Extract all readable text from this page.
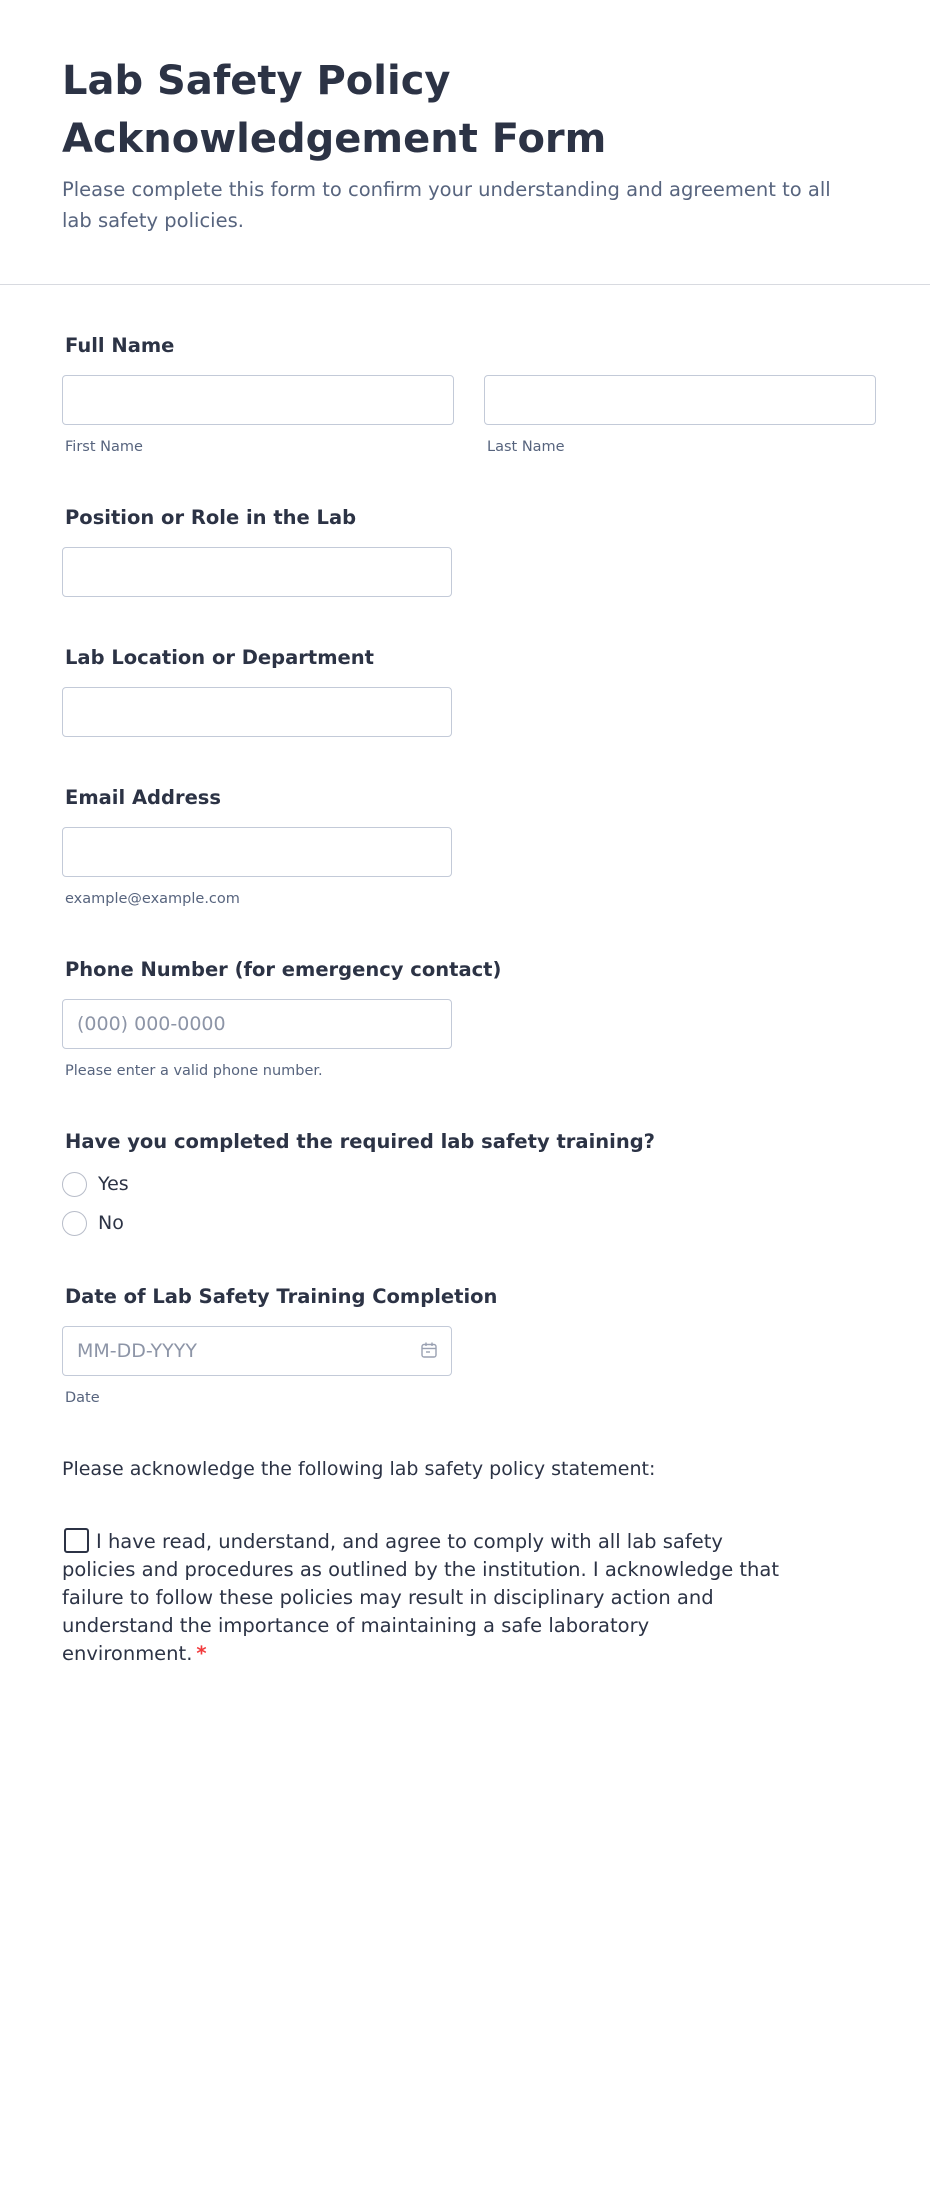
Lab Safety Policy Acknowledgement Form

Please complete this form to confirm your understanding and agreement to all lab safety policies.

Full Name
First Name	Last Name
Position or Role in the Lab
Lab Location or Department
Email Address
example@example.com
Phone Number (for emergency contact)
(000) 000-0000
Please enter a valid phone number.
Have you completed the required lab safety training?
Yes
No
Date of Lab Safety Training Completion
MM-DD-YYYY
Date

Please acknowledge the following lab safety policy statement:

I have read, understand, and agree to comply with all lab safety policies and procedures as outlined by the institution. I acknowledge that failure to follow these policies may result in disciplinary action and understand the importance of maintaining a safe laboratory environment. *
